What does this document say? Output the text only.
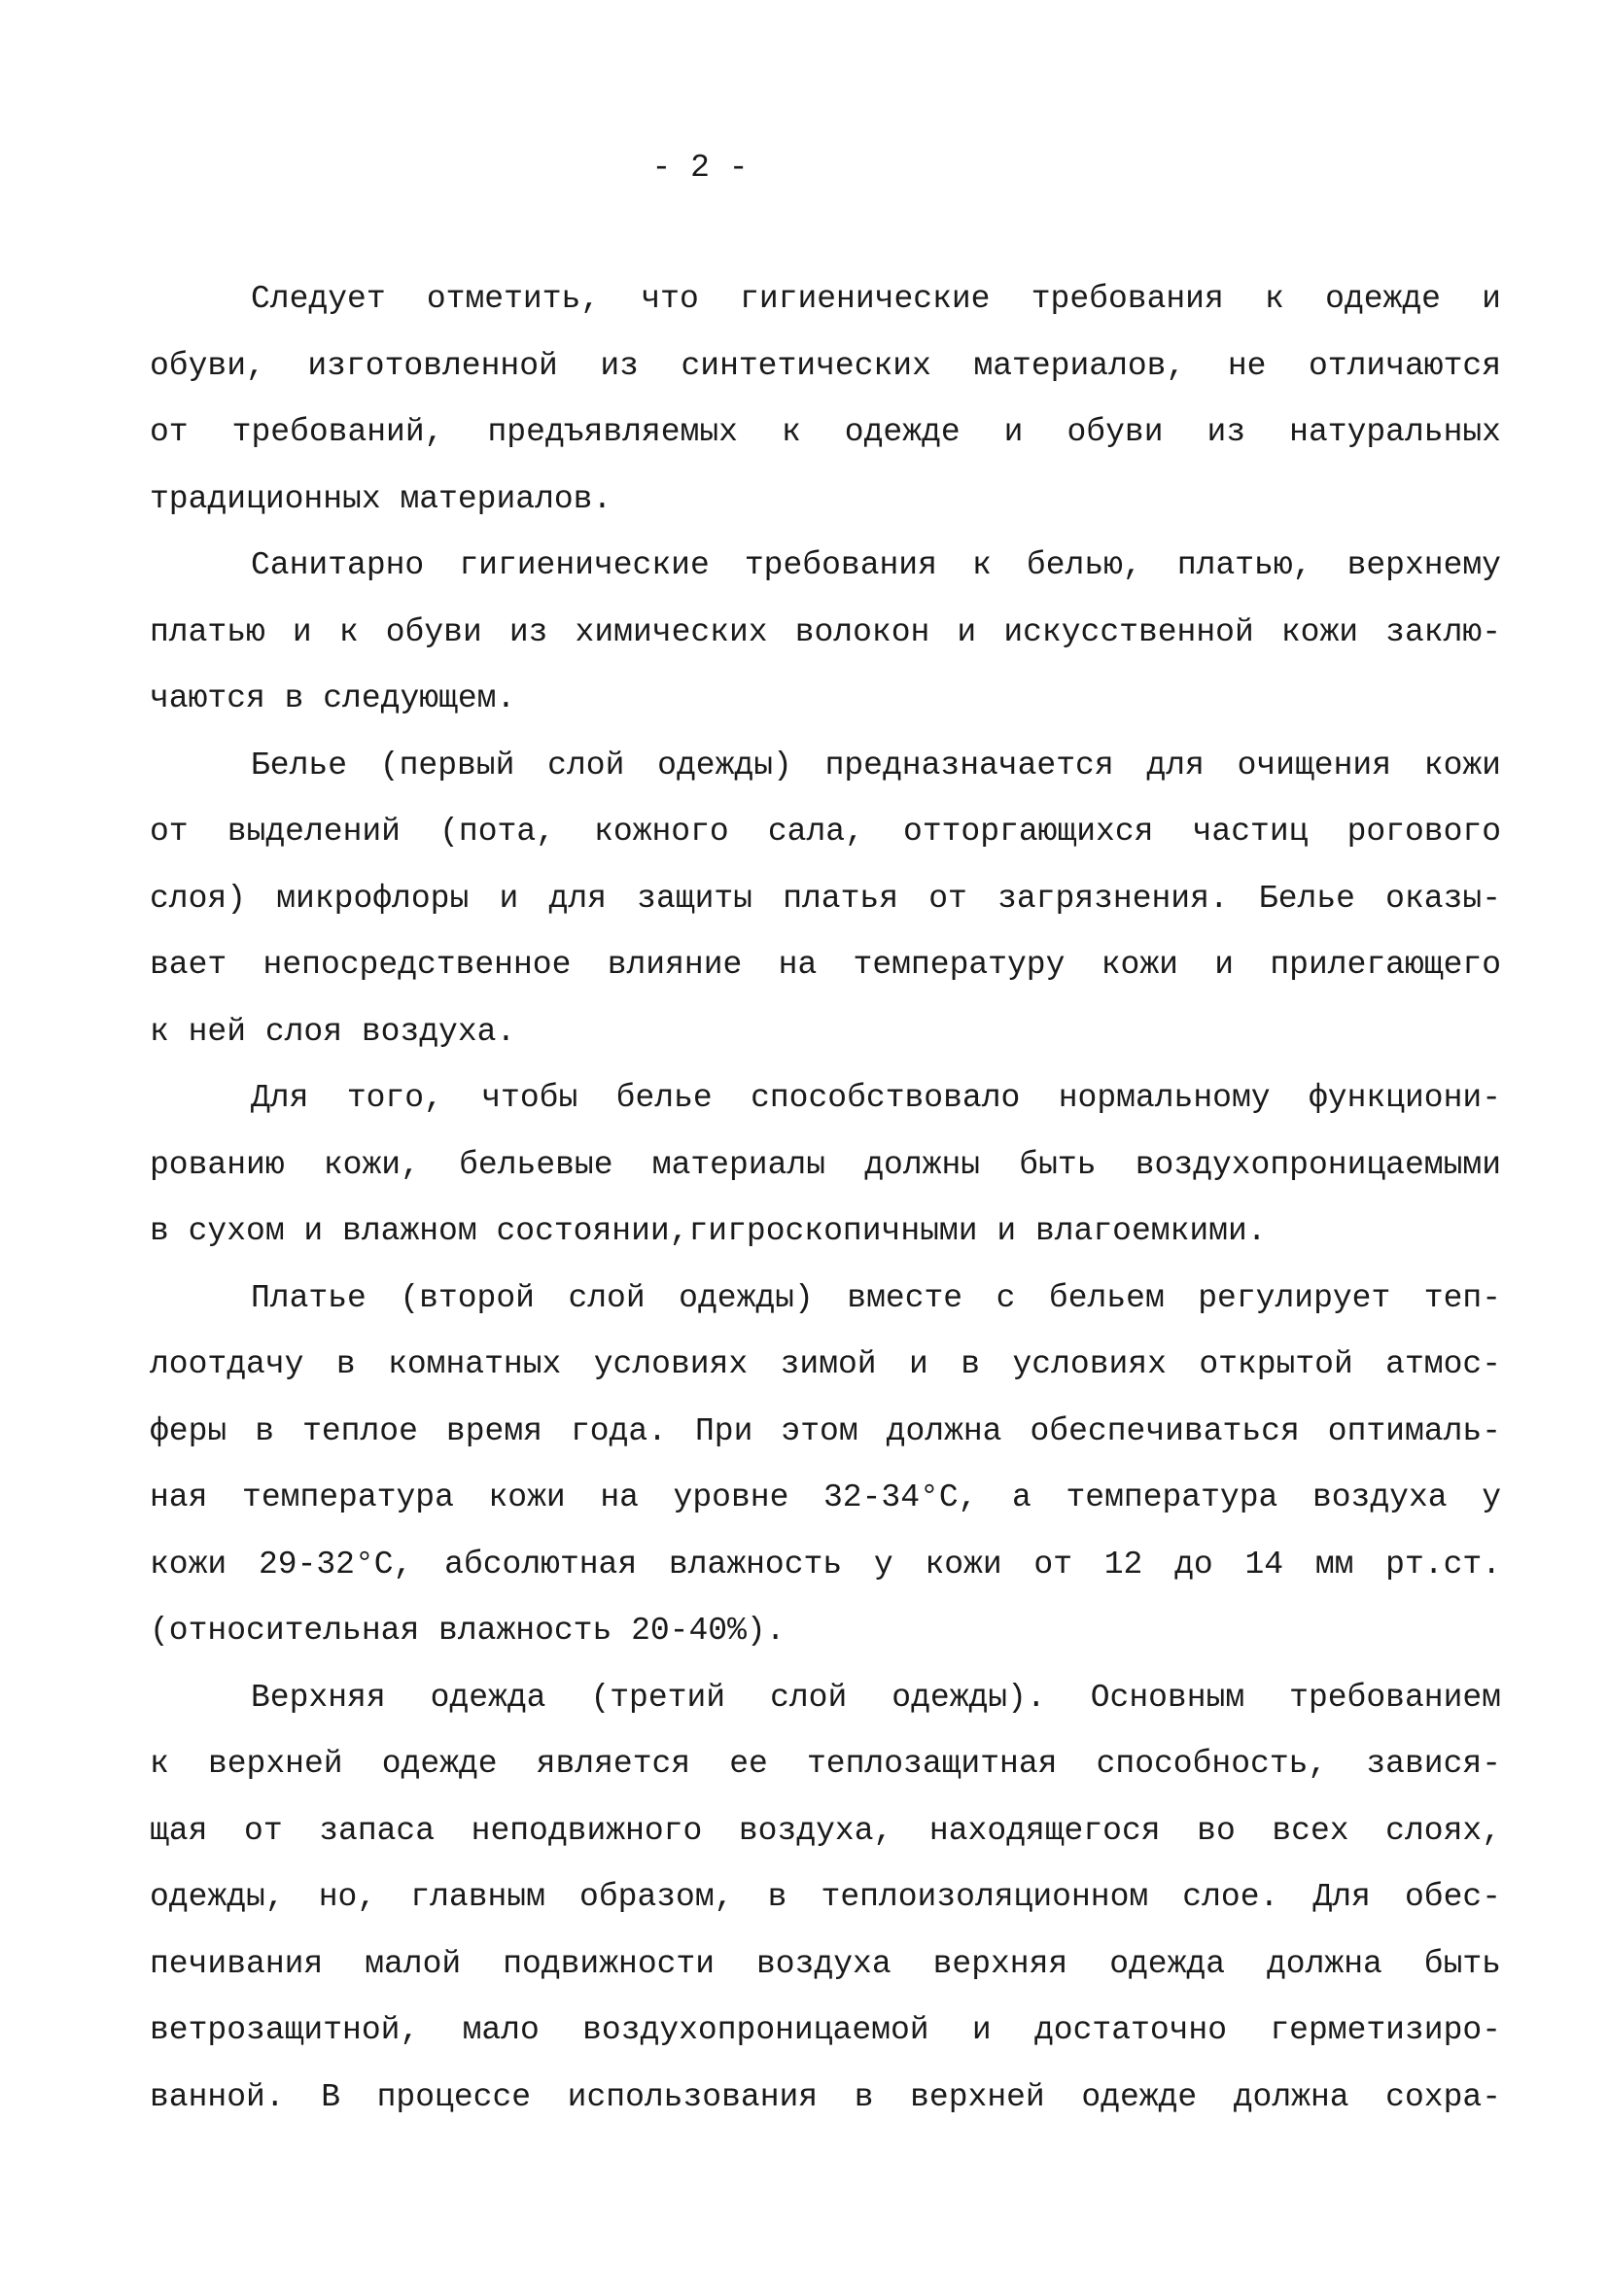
- 2 -
Следует отметить, что гигиенические требования к одежде и
обуви, изготовленной из синтетических материалов, не отличаются
от требований, предъявляемых к одежде и обуви из натуральных
традиционных материалов.
Санитарно гигиенические требования к белью, платью, верхнему
платью и к обуви из химических волокон и искусственной кожи заклю-
чаются в следующем.
Белье (первый слой одежды) предназначается для очищения кожи
от выделений (пота, кожного сала, отторгающихся частиц рогового
слоя) микрофлоры и для защиты платья от загрязнения. Белье оказы-
вает непосредственное влияние на температуру кожи и прилегающего
к ней слоя воздуха.
Для того, чтобы белье способствовало нормальному функциони-
рованию кожи, бельевые материалы должны быть воздухопроницаемыми
в сухом и влажном состоянии,гигроскопичными и влагоемкими.
Платье (второй слой одежды) вместе с бельем регулирует теп-
лоотдачу в комнатных условиях зимой и в условиях открытой атмос-
феры в теплое время года. При этом должна обеспечиваться оптималь-
ная температура кожи на уровне 32-34°С, а температура воздуха у
кожи 29-32°С, абсолютная влажность у кожи от 12 до 14 мм рт.ст.
(относительная влажность 20-40%).
Верхняя одежда (третий слой одежды). Основным требованием
к верхней одежде является ее теплозащитная способность, завися-
щая от запаса неподвижного воздуха, находящегося во всех слоях,
одежды, но, главным образом, в теплоизоляционном слое. Для обес-
печивания малой подвижности воздуха верхняя одежда должна быть
ветрозащитной, мало воздухопроницаемой и достаточно герметизиро-
ванной. В процессе использования в верхней одежде должна сохра-
